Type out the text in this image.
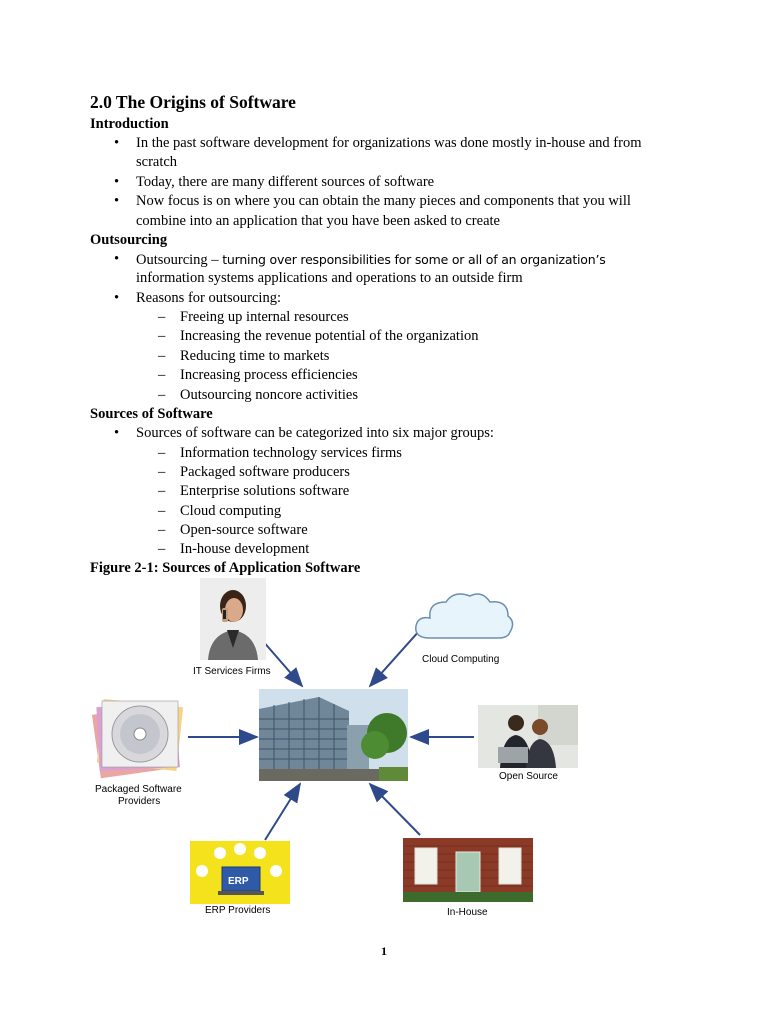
2.0 The Origins of Software
Introduction
• In the past software development for organizations was done mostly in-house and from
scratch
• Today, there are many different sources of software
• Now focus is on where you can obtain the many pieces and components that you will
combine into an application that you have been asked to create
Outsourcing
• Outsourcing – turning over responsibilities for some or all of an organization’s
information systems applications and operations to an outside firm
• Reasons for outsourcing:
– Freeing up internal resources
– Increasing the revenue potential of the organization
– Reducing time to markets
– Increasing process efficiencies
– Outsourcing noncore activities
Sources of Software
• Sources of software can be categorized into six major groups:
– Information technology services firms
– Packaged software producers
– Enterprise solutions software
– Cloud computing
– Open-source software
– In-house development
Figure 2-1: Sources of Application Software
IT Services Firms
Cloud Computing
Packaged Software
Providers
Open Source
ERP
ERP Providers	In-House
1
